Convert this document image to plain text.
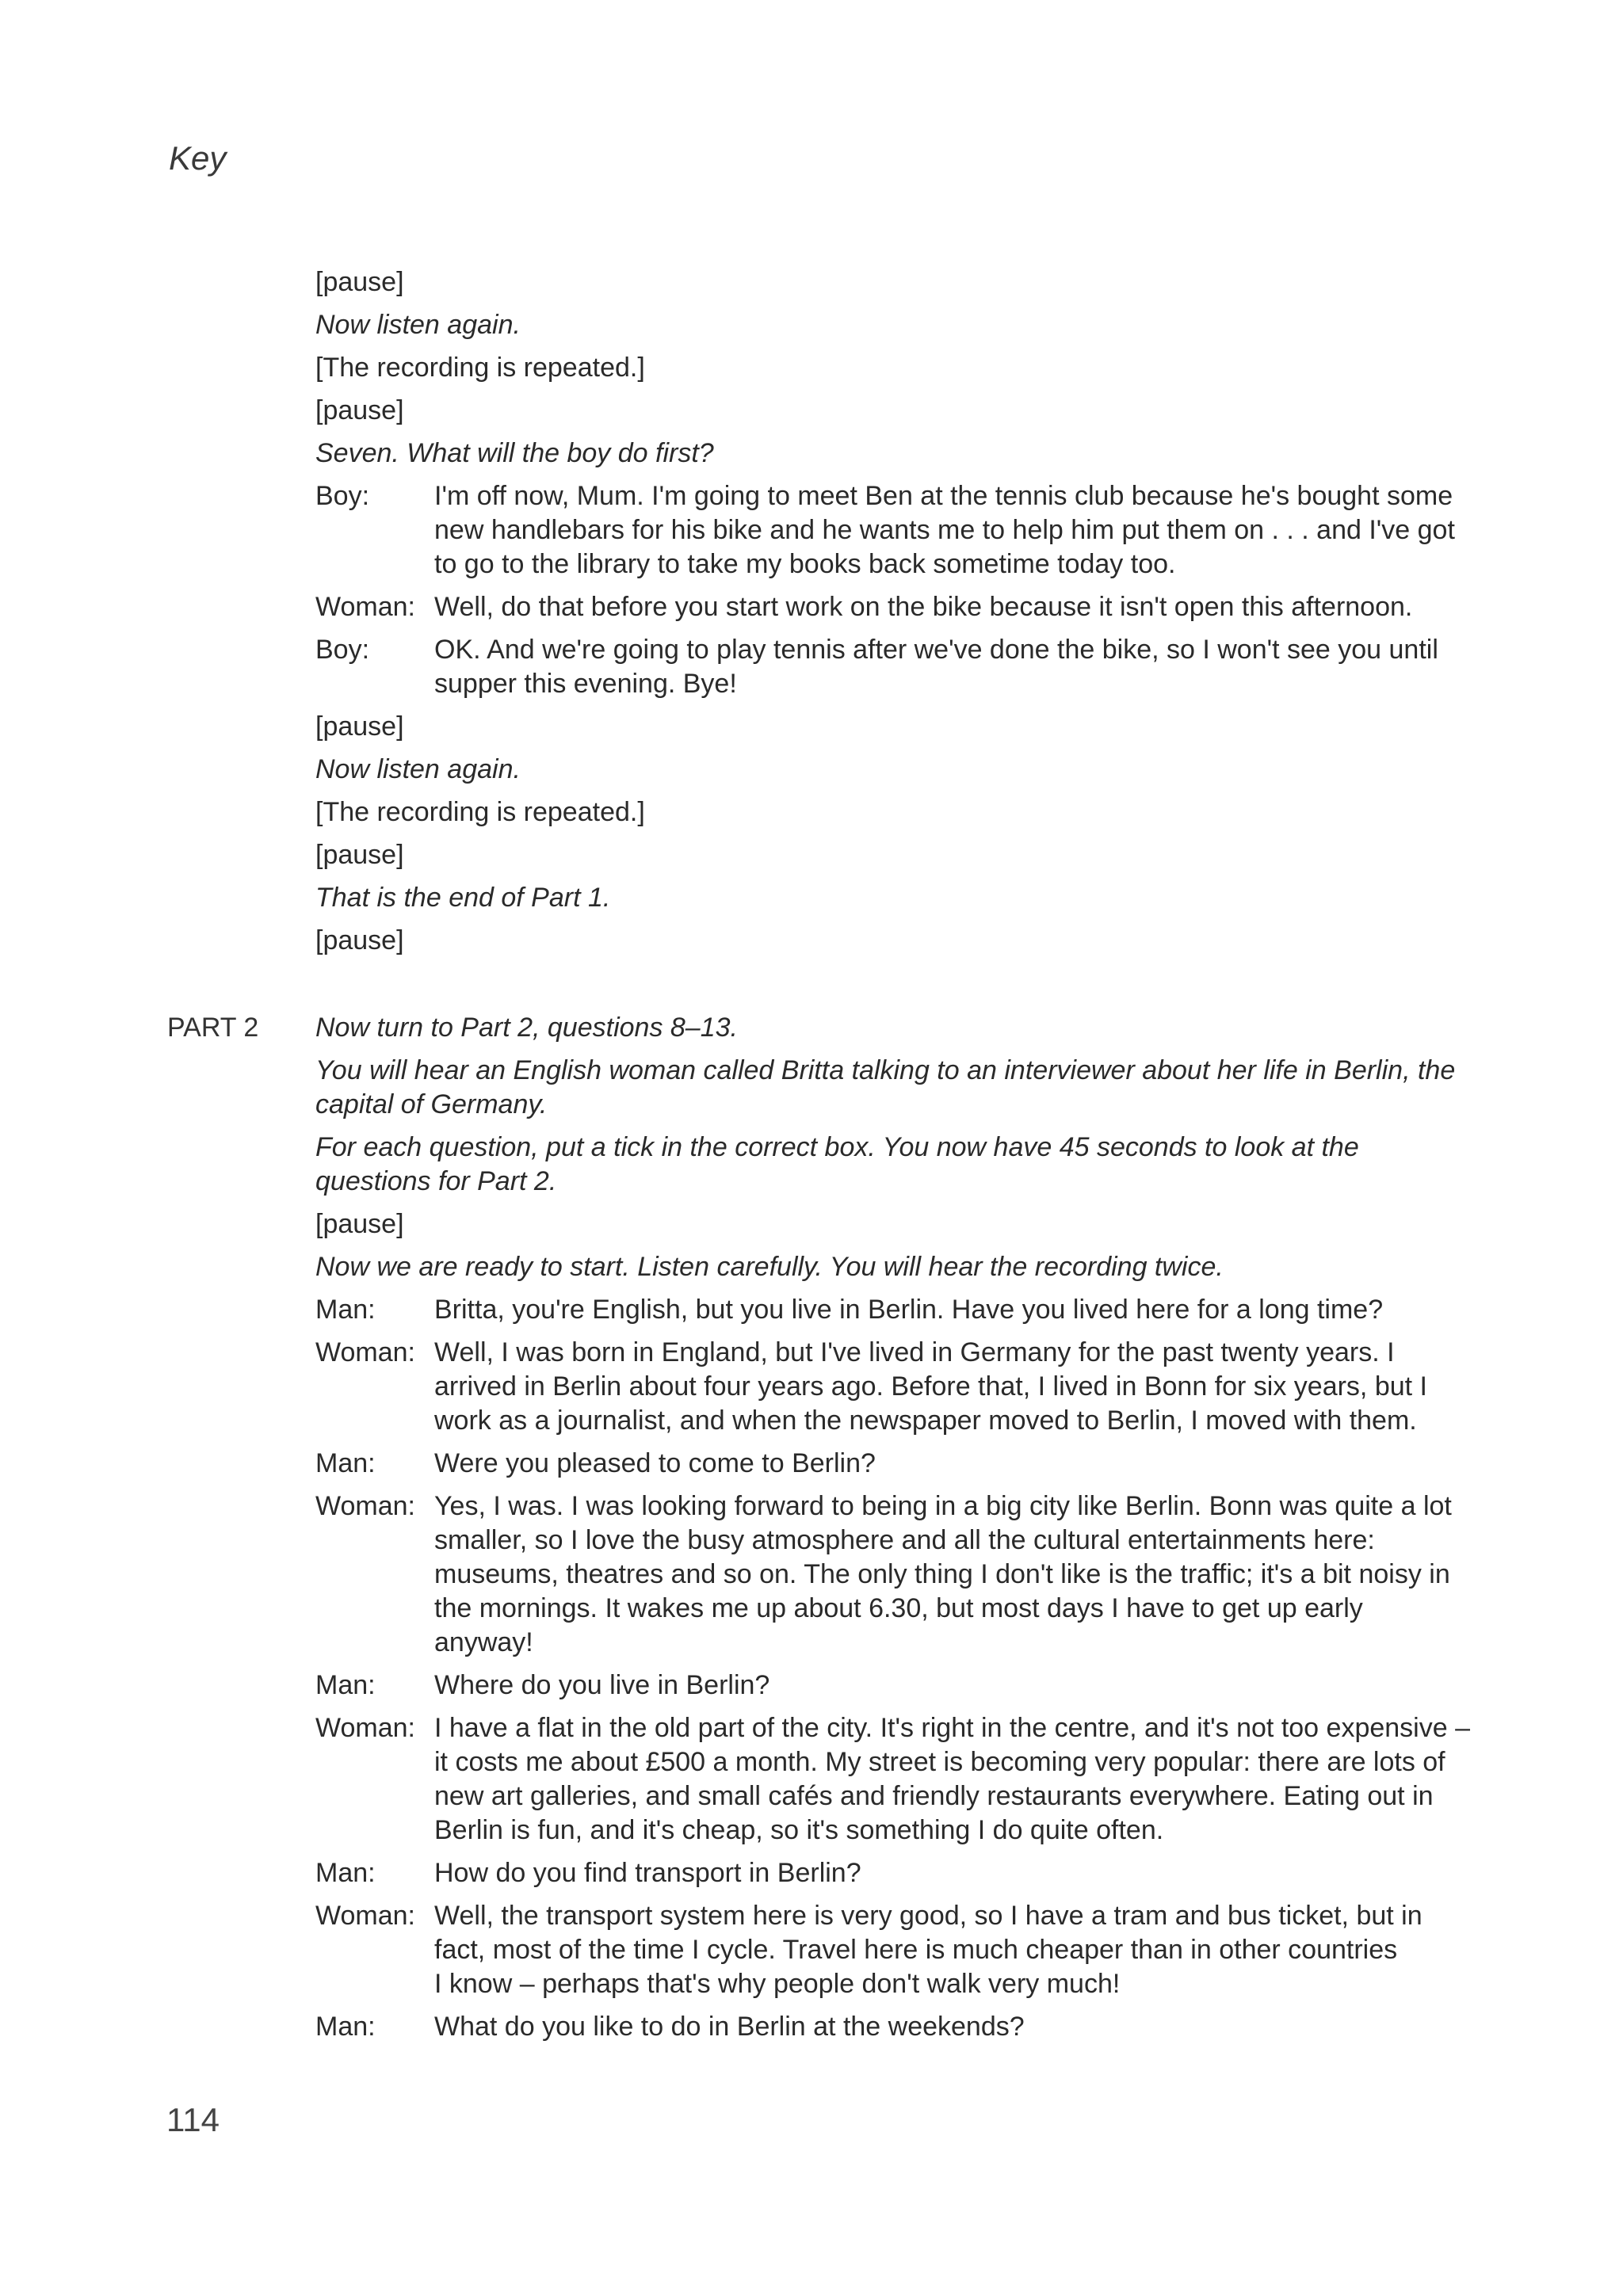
Key
[pause]
Now listen again.
[The recording is repeated.]
[pause]
Seven. What will the boy do first?
Boy:	I'm off now, Mum. I'm going to meet Ben at the tennis club because he's bought some
new handlebars for his bike and he wants me to help him put them on . . . and I've got
to go to the library to take my books back sometime today too.
Woman: Well, do that before you start work on the bike because it isn't open this afternoon.
Boy:	OK. And we're going to play tennis after we've done the bike, so I won't see you until
supper this evening. Bye!
[pause]
Now listen again.
[The recording is repeated.]
[pause]
That is the end of Part 1.
[pause]
PART 2 Now turn to Part 2, questions 8–13.
You will hear an English woman called Britta talking to an interviewer about her life in Berlin, the
capital of Germany.
For each question, put a tick in the correct box. You now have 45 seconds to look at the
questions for Part 2.
[pause]
Now we are ready to start. Listen carefully. You will hear the recording twice.
Man:	Britta, you're English, but you live in Berlin. Have you lived here for a long time?
Woman: Well, I was born in England, but I've lived in Germany for the past twenty years. I
arrived in Berlin about four years ago. Before that, I lived in Bonn for six years, but I
work as a journalist, and when the newspaper moved to Berlin, I moved with them.
Man:	Were you pleased to come to Berlin?
Woman: Yes, I was. I was looking forward to being in a big city like Berlin. Bonn was quite a lot
smaller, so I love the busy atmosphere and all the cultural entertainments here:
museums, theatres and so on. The only thing I don't like is the traffic; it's a bit noisy in
the mornings. It wakes me up about 6.30, but most days I have to get up early
anyway!
Man:	Where do you live in Berlin?
Woman: I have a flat in the old part of the city. It's right in the centre, and it's not too expensive –
it costs me about £500 a month. My street is becoming very popular: there are lots of
new art galleries, and small cafés and friendly restaurants everywhere. Eating out in
Berlin is fun, and it's cheap, so it's something I do quite often.
Man:	How do you find transport in Berlin?
Woman: Well, the transport system here is very good, so I have a tram and bus ticket, but in
fact, most of the time I cycle. Travel here is much cheaper than in other countries
I know – perhaps that's why people don't walk very much!
Man:	What do you like to do in Berlin at the weekends?
114
